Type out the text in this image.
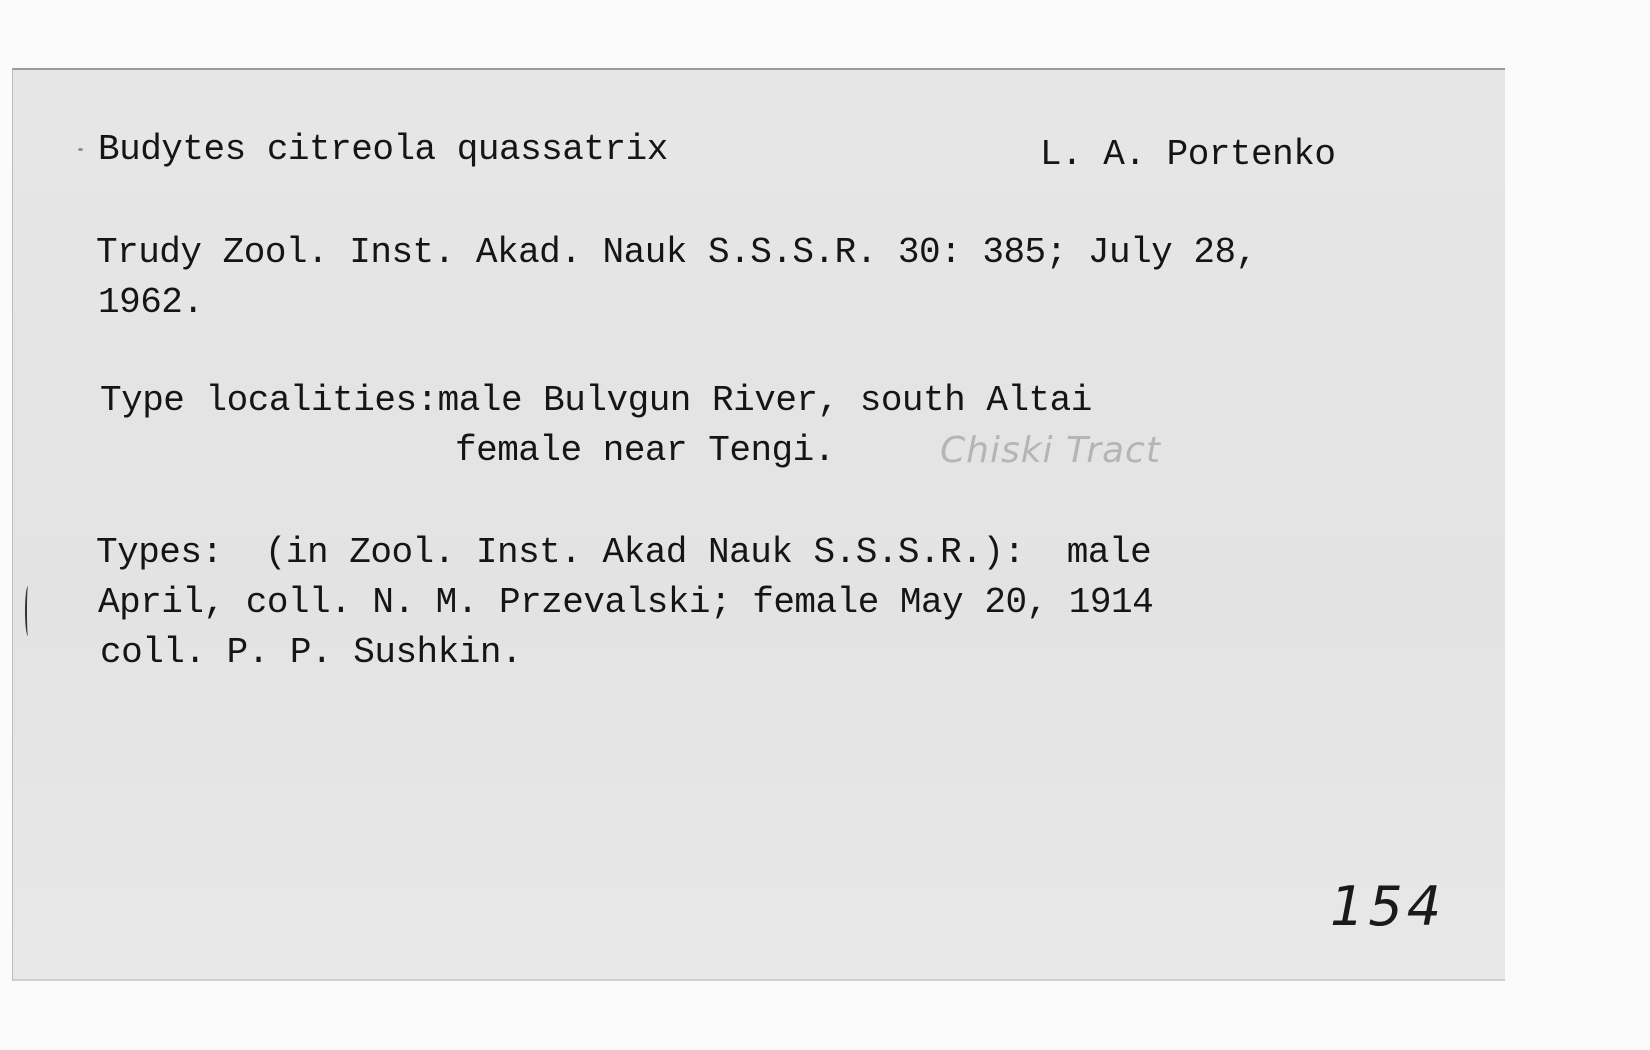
Budytes citreola quassatrix	L. A. Portenko
Trudy Zool. Inst. Akad. Nauk S.S.S.R. 30: 385; July 28,
1962.
Type localities:male Bulvgun River, south Altai
female near Tengi.	Chiski Tract
Types:  (in Zool. Inst. Akad Nauk S.S.S.R.):  male
April, coll. N. M. Przevalski; female May 20, 1914
coll. P. P. Sushkin.
154
